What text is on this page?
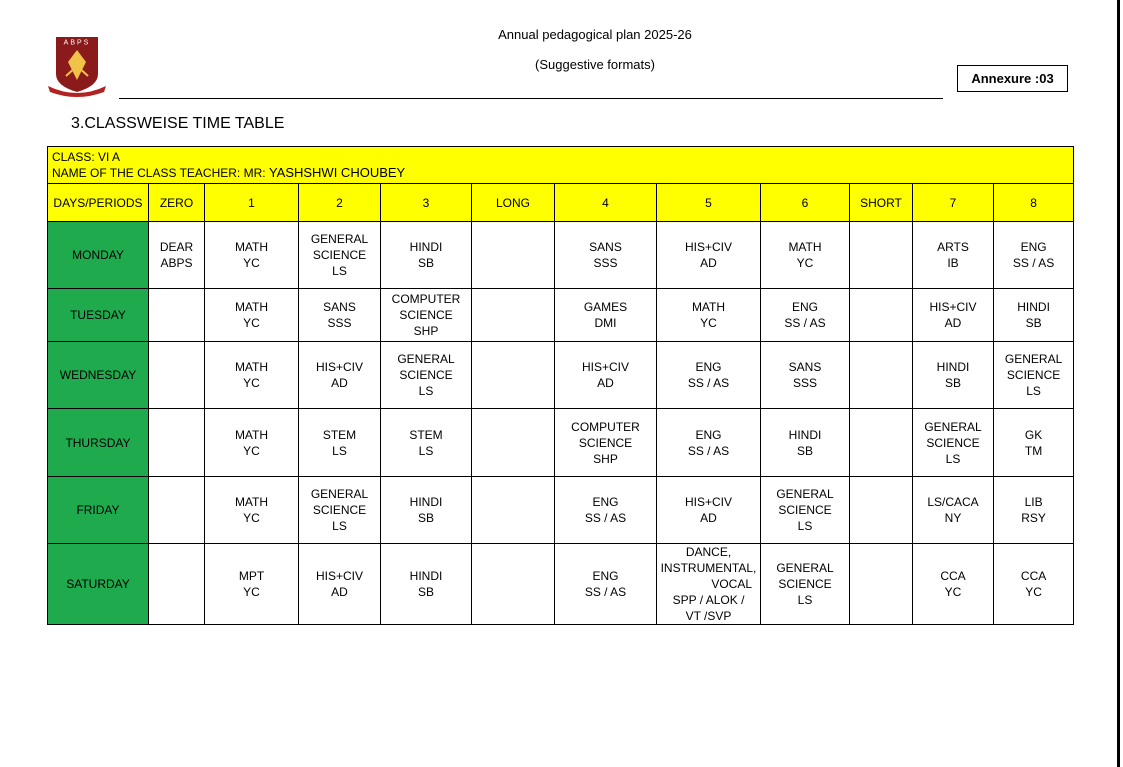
ABPS
Annual pedagogical plan 2025-26
(Suggestive formats)
Annexure :03
3.CLASSWEISE TIME TABLE
CLASS: VI A
NAME OF THE CLASS TEACHER: MR: YASHSHWI CHOUBEY											

DAYS/PERIODS	ZERO	1	2	3	LONG	4	5	6	SHORT	7	8
MONDAY	DEAR
ABPS	MATH
YC	GENERAL
SCIENCE
LS	HINDI
SB		SANS
SSS	HIS+CIV
AD	MATH
YC		ARTS
IB	ENG
SS / AS

TUESDAY		MATH
YC	SANS
SSS	COMPUTER
SCIENCE
SHP		GAMES
DMI	MATH
YC	ENG
SS / AS		HIS+CIV
AD	HINDI
SB

WEDNESDAY		MATH
YC	HIS+CIV
AD	GENERAL
SCIENCE
LS		HIS+CIV
AD	ENG
SS / AS	SANS
SSS		HINDI
SB	GENERAL
SCIENCE
LS

THURSDAY		MATH
YC	STEM
LS	STEM
LS		COMPUTER
SCIENCE
SHP	ENG
SS / AS	HINDI
SB		GENERAL
SCIENCE
LS	GK
TM

FRIDAY		MATH
YC	GENERAL
SCIENCE
LS	HINDI
SB		ENG
SS / AS	HIS+CIV
AD	GENERAL
SCIENCE
LS		LS/CACA
NY	LIB
RSY

SATURDAY		MPT
YC	HIS+CIV
AD	HINDI
SB		ENG
SS / AS	DANCE,
INSTRUMENTAL,
VOCAL
SPP / ALOK /
VT /SVP	GENERAL
SCIENCE
LS		CCA
YC	CCA
YC
